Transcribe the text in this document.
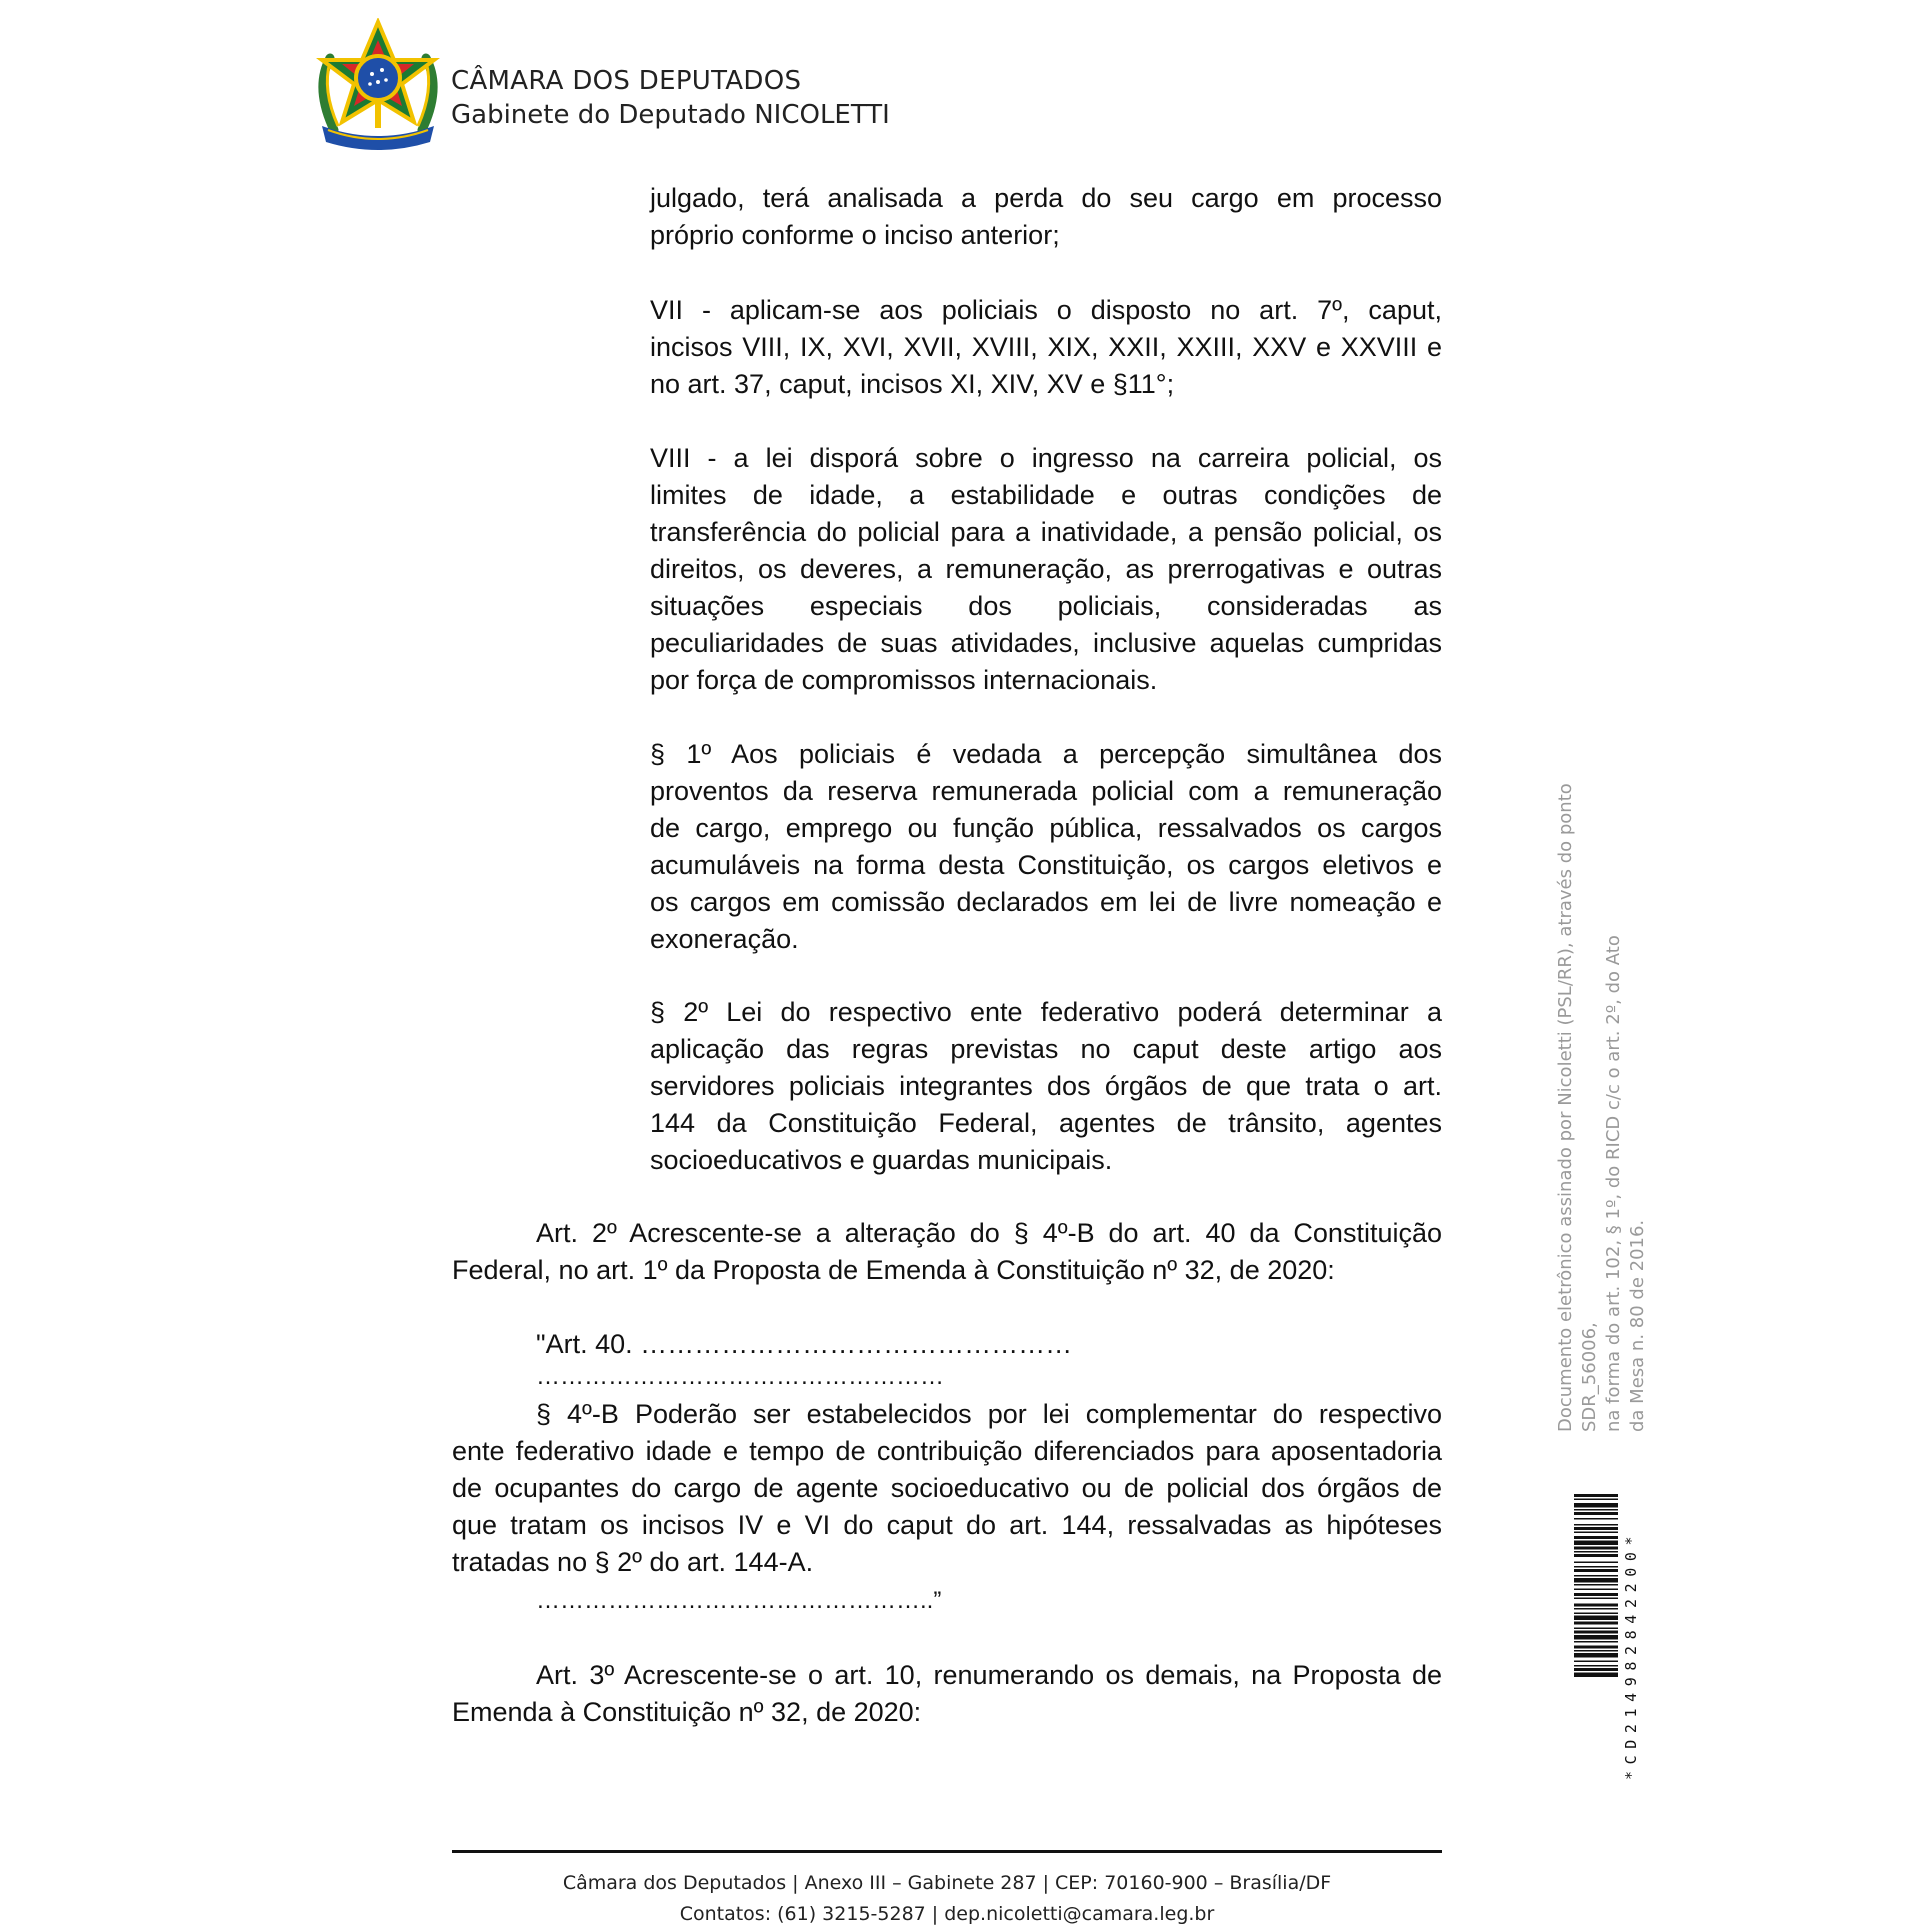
CÂMARA DOS DEPUTADOS
Gabinete do Deputado NICOLETTI
julgado, terá analisada a perda do seu cargo em processo
próprio conforme o inciso anterior;
VII - aplicam-se aos policiais o disposto no art. 7º, caput,
incisos VIII, IX, XVI, XVII, XVIII, XIX, XXII, XXIII, XXV e XXVIII e
no art. 37, caput, incisos XI, XIV, XV e §11°;
VIII - a lei disporá sobre o ingresso na carreira policial, os
limites de idade, a estabilidade e outras condições de
transferência do policial para a inatividade, a pensão policial, os
direitos, os deveres, a remuneração, as prerrogativas e outras
situações especiais dos policiais, consideradas as
peculiaridades de suas atividades, inclusive aquelas cumpridas
por força de compromissos internacionais.
§ 1º Aos policiais é vedada a percepção simultânea dos
proventos da reserva remunerada policial com a remuneração
de cargo, emprego ou função pública, ressalvados os cargos
acumuláveis na forma desta Constituição, os cargos eletivos e
os cargos em comissão declarados em lei de livre nomeação e
exoneração.
§ 2º Lei do respectivo ente federativo poderá determinar a
aplicação das regras previstas no caput deste artigo aos
servidores policiais integrantes dos órgãos de que trata o art.
144 da Constituição Federal, agentes de trânsito, agentes
socioeducativos e guardas municipais.
Art. 2º Acrescente-se a alteração do § 4º-B do art. 40 da Constituição
Federal, no art. 1º da Proposta de Emenda à Constituição nº 32, de 2020:
"Art. 40. …………………………………………
……………………………………………
§ 4º-B Poderão ser estabelecidos por lei complementar do respectivo
ente federativo idade e tempo de contribuição diferenciados para aposentadoria
de ocupantes do cargo de agente socioeducativo ou de policial dos órgãos de
que tratam os incisos IV e VI do caput do art. 144, ressalvadas as hipóteses
tratadas no § 2º do art. 144-A.
…………………………………………..”
Art. 3º Acrescente-se o art. 10, renumerando os demais, na Proposta de
Emenda à Constituição nº 32, de 2020:
Documento eletrônico assinado por Nicoletti (PSL/RR), através do ponto SDR_56006, na forma do art. 102, § 1º, do RICD c/c o art. 2º, do Ato da Mesa n. 80 de 2016.
*CD214982842200*
Câmara dos Deputados | Anexo III – Gabinete 287 | CEP: 70160-900 – Brasília/DF
Contatos: (61) 3215-5287 | dep.nicoletti@camara.leg.br
